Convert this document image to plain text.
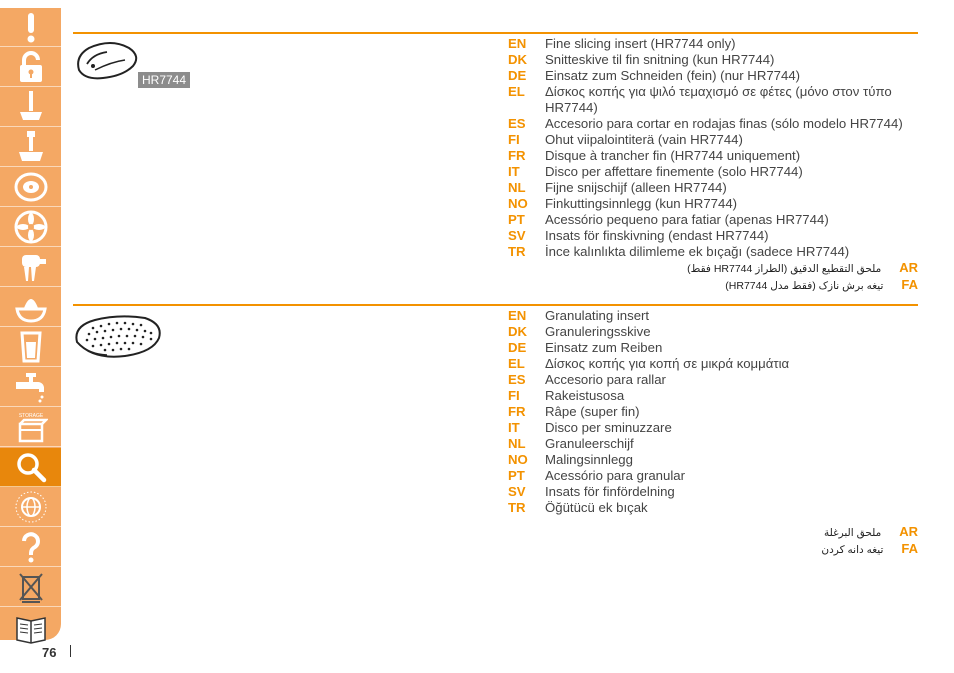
STORAGE
76
HR7744
EN	Fine slicing insert (HR7744 only)
DK	Snitteskive til fin snitning (kun HR7744)
DE	Einsatz zum Schneiden (fein) (nur HR7744)
EL	Δίσκος κοπής για ψιλό τεμαχισμό σε φέτες (μόνο στον τύπο HR7744)
ES	Accesorio para cortar en rodajas finas (sólo modelo HR7744)
FI	Ohut viipalointiterä (vain HR7744)
FR	Disque à trancher fin (HR7744 uniquement)
IT	Disco per affettare finemente (solo HR7744)
NL	Fijne snijschijf (alleen HR7744)
NO	Finkuttingsinnlegg (kun HR7744)
PT	Acessório pequeno para fatiar (apenas HR7744)
SV	Insats för finskivning (endast HR7744)
TR	İnce kalınlıkta dilimleme ek bıçağı (sadece HR7744)
ملحق التقطيع الدقيق (الطراز HR7744 فقط) AR
تیغه برش نازک (فقط مدل HR7744) FA
EN	Granulating insert
DK	Granuleringsskive
DE	Einsatz zum Reiben
EL	Δίσκος κοπής για κοπή σε μικρά κομμάτια
ES	Accesorio para rallar
FI	Rakeistusosa
FR	Râpe (super fin)
IT	Disco per sminuzzare
NL	Granuleerschijf
NO	Malingsinnlegg
PT	Acessório para granular
SV	Insats för finfördelning
TR	Öğütücü ek bıçak
ملحق البرغلة AR
تیغه دانه کردن FA
